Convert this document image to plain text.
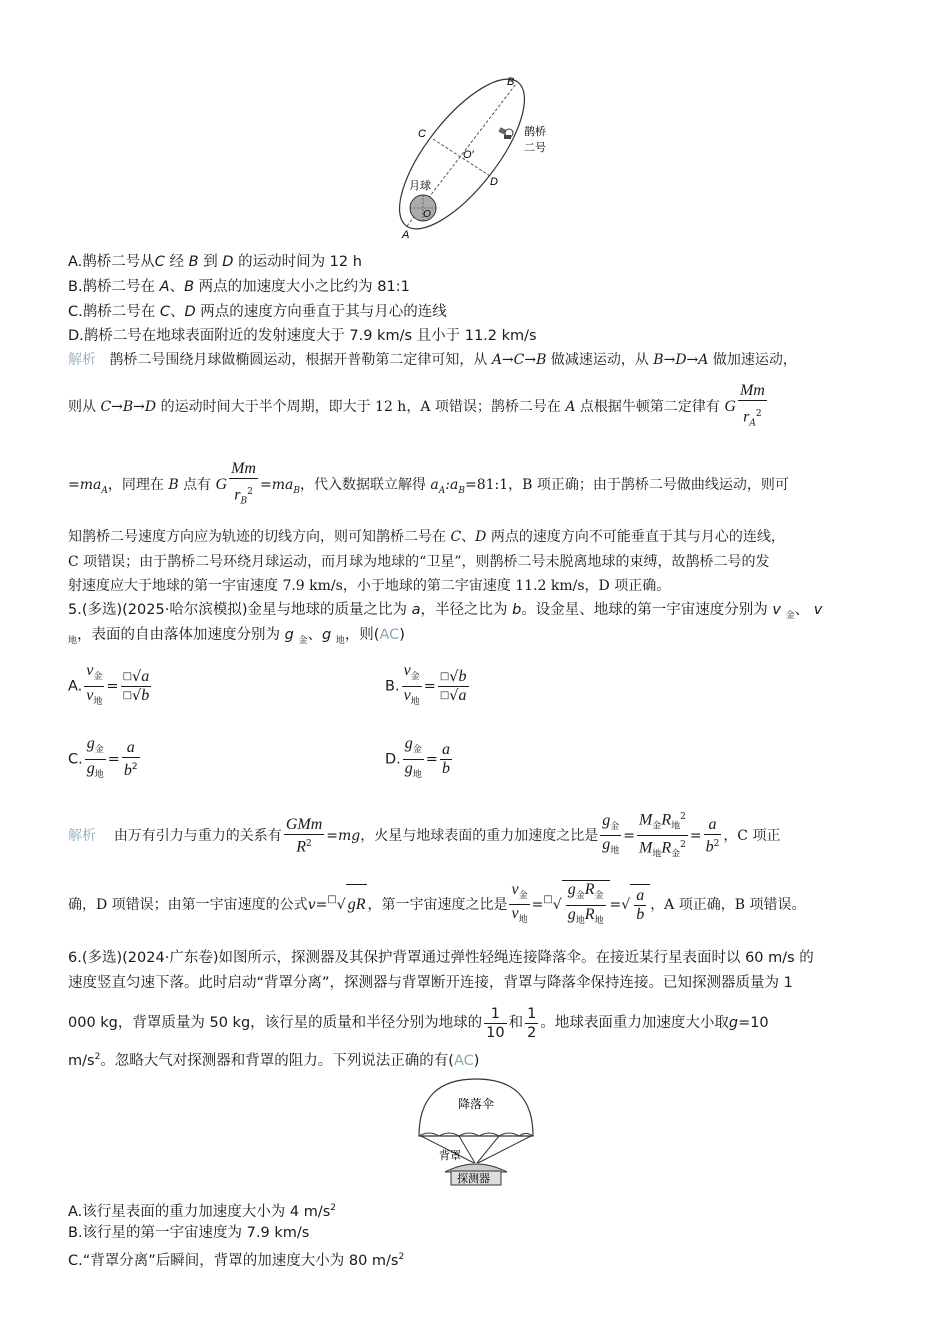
B
C
O′
D
月球
O
A
鹊桥
二号
A.鹊桥二号从C 经 B 到 D 的运动时间为 12 h
B.鹊桥二号在 A、B 两点的加速度大小之比约为 81:1
C.鹊桥二号在 C、D 两点的速度方向垂直于其与月心的连线
D.鹊桥二号在地球表面附近的发射速度大于 7.9 km/s 且小于 11.2 km/s
解析 鹊桥二号围绕月球做椭圆运动，根据开普勒第二定律可知，从 A→C→B 做减速运动，从 B→D→A 做加速运动，
则从 C→B→D 的运动时间大于半个周期，即大于 12 h，A 项错误；鹊桥二号在 A 点根据牛顿第二定律有 G $\frac{Mm}{r_A^2}$
$=ma_A$，同理在 B 点有 G $\frac{Mm}{r_B^2} =ma_B$，代入数据联立解得 $a_A:a_B=81:1$，B 项正确；由于鹊桥二号做曲线运动，则可
知鹊桥二号速度方向应为轨迹的切线方向，则可知鹊桥二号在 C、D 两点的速度方向不可能垂直于其与月心的连线，
C 项错误；由于鹊桥二号环绕月球运动，而月球为地球的“卫星”，则鹊桥二号未脱离地球的束缚，故鹊桥二号的发
射速度应大于地球的第一宇宙速度 7.9 km/s，小于地球的第二宇宙速度 11.2 km/s，D 项正确。
5.(多选)(2025·哈尔滨模拟)金星与地球的质量之比为 a，半径之比为 b。设金星、地球的第一宇宙速度分别为 v $_金$、 v
$_地$，表面的自由落体加速度分别为 g $_金$、g $_地$，则(AC)
A. $\frac{v_金}{v_地} = \frac{^□√a}{^□√b}$	B. $\frac{v_金}{v_地} = \frac{^□√b}{^□√a}$
C. $\frac{g_金}{g_地} = \frac{a}{b^2}$	D. $\frac{g_金}{g_地} = \frac{a}{b}$
解析 由万有引力与重力的关系有 $\frac{\text{GMm}}{R^2} =mg$，火星与地球表面的重力加速度之比是 $\frac{g_金}{g_地} = \frac{M_金R_地^2}{M_地R_金^2} = \frac{a}{b^2}$ ，C 项正
确，D 项错误；由第一宇宙速度的公式v=□√ gR ，第一宇宙速度之比是 $\frac{v_金}{v_地} =^□√ \frac{g_金R_金}{g_地R_地}$ =√ $\frac{a}{b}$ ，A 项正确，B 项错误。
6.(多选)(2024·广东卷)如图所示，探测器及其保护背罩通过弹性轻绳连接降落伞。在接近某行星表面时以 60 m/s 的
速度竖直匀速下落。此时启动“背罩分离”，探测器与背罩断开连接，背罩与降落伞保持连接。已知探测器质量为 1
000 kg，背罩质量为 50 kg，该行星的质量和半径分别为地球的 $\frac{1}{10}$ 和 $\frac{1}{2}$ 。地球表面重力加速度大小取g=10
$m/s^2$。忽略大气对探测器和背罩的阻力。下列说法正确的有(AC)
降落伞
背罩
探测器
A.该行星表面的重力加速度大小为 4 $m/s^2$
B.该行星的第一宇宙速度为 7.9 km/s
C.“背罩分离”后瞬间，背罩的加速度大小为 80 $m/s^2$
